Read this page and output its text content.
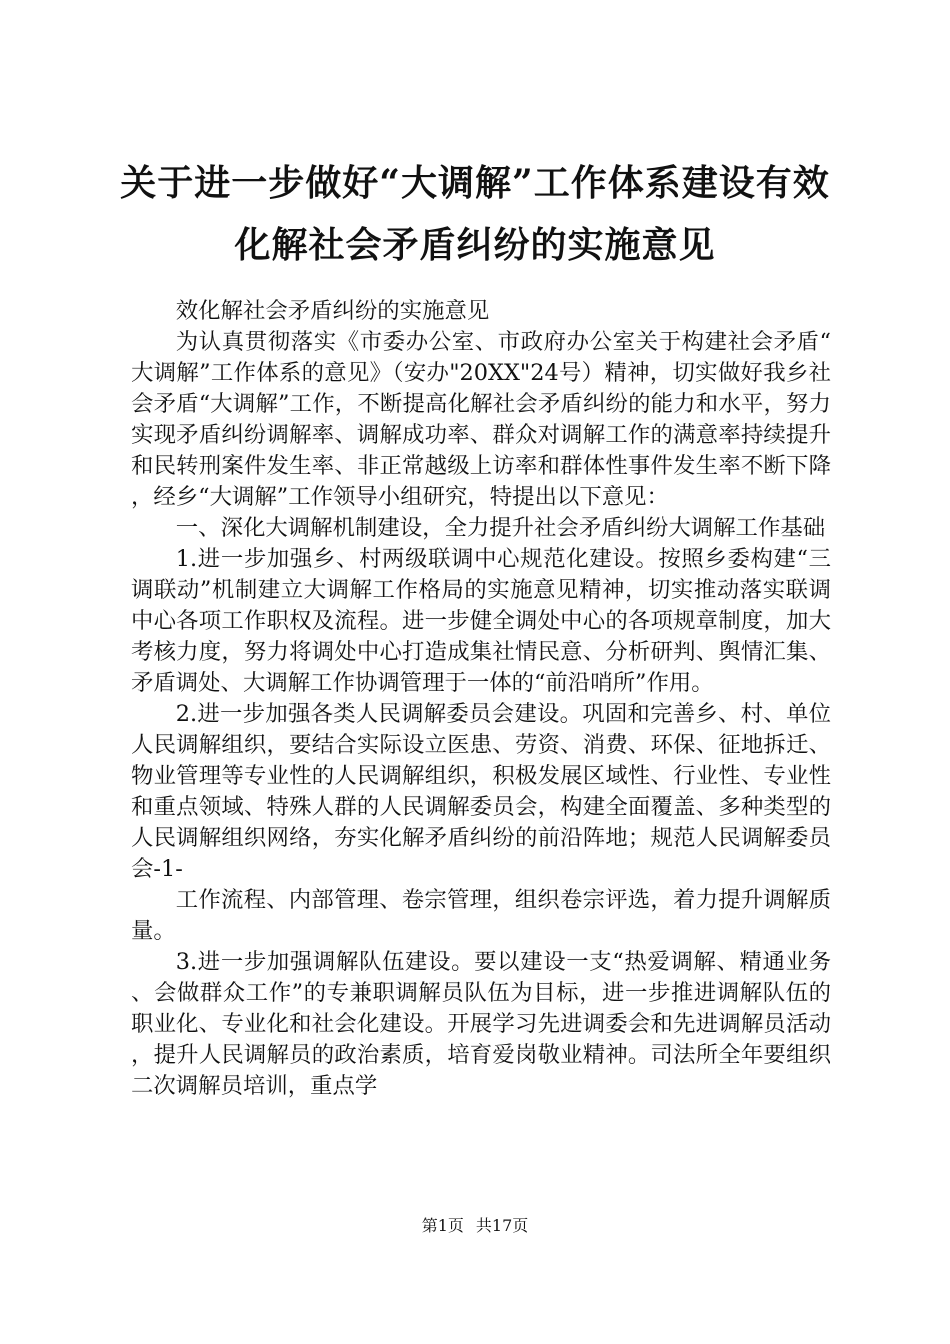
关于进一步做好“大调解”工作体系建设有效
化解社会矛盾纠纷的实施意见

效化解社会矛盾纠纷的实施意见

为认真贯彻落实《市委办公室、市政府办公室关于构建社会矛盾“大调解”工作体系的意见》（安办"20XX"24号）精神，切实做好我乡社会矛盾“大调解”工作，不断提高化解社会矛盾纠纷的能力和水平，努力实现矛盾纠纷调解率、调解成功率、群众对调解工作的满意率持续提升和民转刑案件发生率、非正常越级上访率和群体性事件发生率不断下降，经乡“大调解”工作领导小组研究，特提出以下意见：

一、深化大调解机制建设，全力提升社会矛盾纠纷大调解工作基础

1.进一步加强乡、村两级联调中心规范化建设。按照乡委构建“三调联动”机制建立大调解工作格局的实施意见精神，切实推动落实联调中心各项工作职权及流程。进一步健全调处中心的各项规章制度，加大考核力度，努力将调处中心打造成集社情民意、分析研判、舆情汇集、矛盾调处、大调解工作协调管理于一体的“前沿哨所”作用。

2.进一步加强各类人民调解委员会建设。巩固和完善乡、村、单位人民调解组织，要结合实际设立医患、劳资、消费、环保、征地拆迁、物业管理等专业性的人民调解组织，积极发展区域性、行业性、专业性和重点领域、特殊人群的人民调解委员会，构建全面覆盖、多种类型的人民调解组织网络，夯实化解矛盾纠纷的前沿阵地；规范人民调解委员会-1-

工作流程、内部管理、卷宗管理，组织卷宗评选，着力提升调解质量。

3.进一步加强调解队伍建设。要以建设一支“热爱调解、精通业务、会做群众工作”的专兼职调解员队伍为目标，进一步推进调解队伍的职业化、专业化和社会化建设。开展学习先进调委会和先进调解员活动，提升人民调解员的政治素质，培育爱岗敬业精神。司法所全年要组织二次调解员培训，重点学

第1页 共17页
